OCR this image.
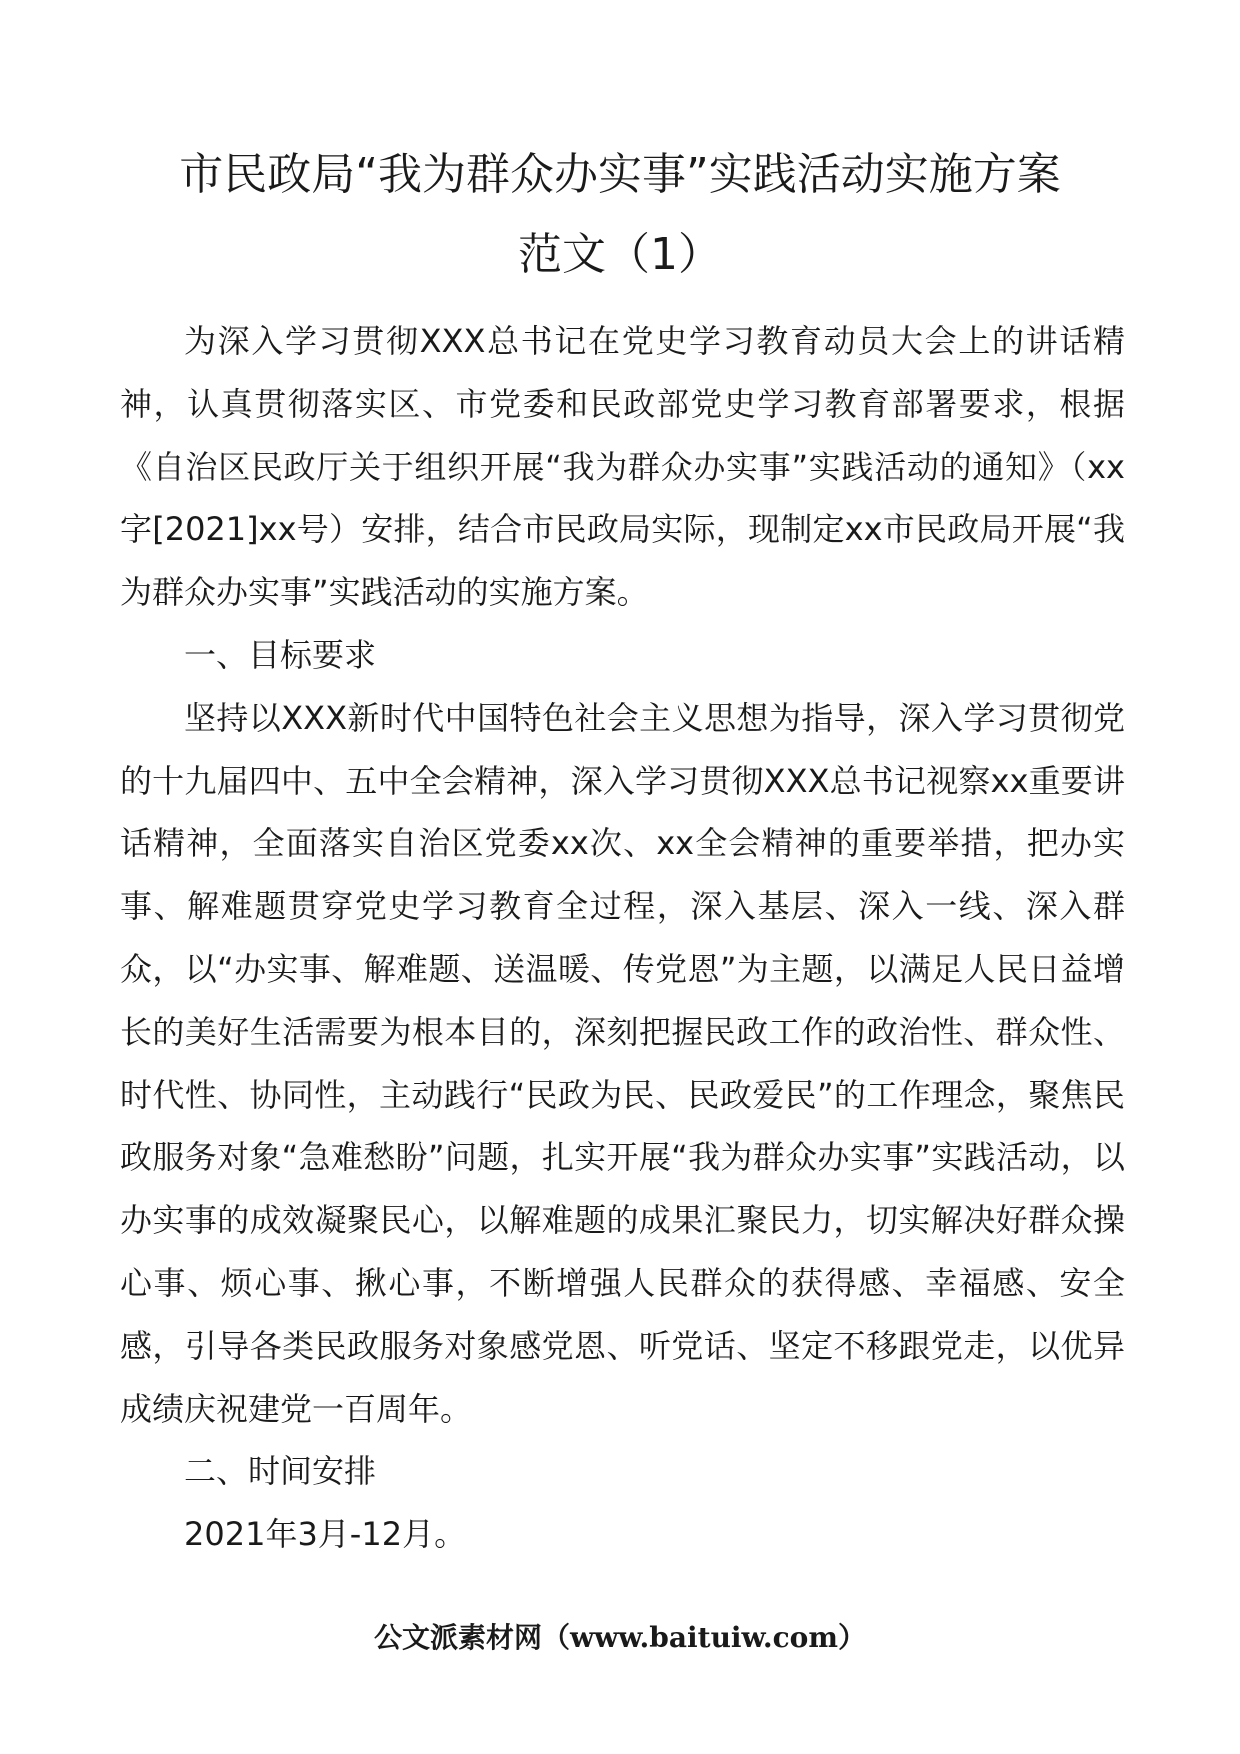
市民政局“我为群众办实事”实践活动实施方案
范文（1）

为深入学习贯彻XXX总书记在党史学习教育动员大会上的讲话精神，认真贯彻落实区、市党委和民政部党史学习教育部署要求，根据《自治区民政厅关于组织开展“我为群众办实事”实践活动的通知》（xx字[2021]xx号）安排，结合市民政局实际，现制定xx市民政局开展“我为群众办实事”实践活动的实施方案。

一、目标要求

坚持以XXX新时代中国特色社会主义思想为指导，深入学习贯彻党的十九届四中、五中全会精神，深入学习贯彻XXX总书记视察xx重要讲话精神，全面落实自治区党委xx次、xx全会精神的重要举措，把办实事、解难题贯穿党史学习教育全过程，深入基层、深入一线、深入群众，以“办实事、解难题、送温暖、传党恩”为主题，以满足人民日益增长的美好生活需要为根本目的，深刻把握民政工作的政治性、群众性、时代性、协同性，主动践行“民政为民、民政爱民”的工作理念，聚焦民政服务对象“急难愁盼”问题，扎实开展“我为群众办实事”实践活动，以办实事的成效凝聚民心，以解难题的成果汇聚民力，切实解决好群众操心事、烦心事、揪心事，不断增强人民群众的获得感、幸福感、安全感，引导各类民政服务对象感党恩、听党话、坚定不移跟党走，以优异成绩庆祝建党一百周年。

二、时间安排

2021年3月-12月。

公文派素材网（www.baituiw.com）
